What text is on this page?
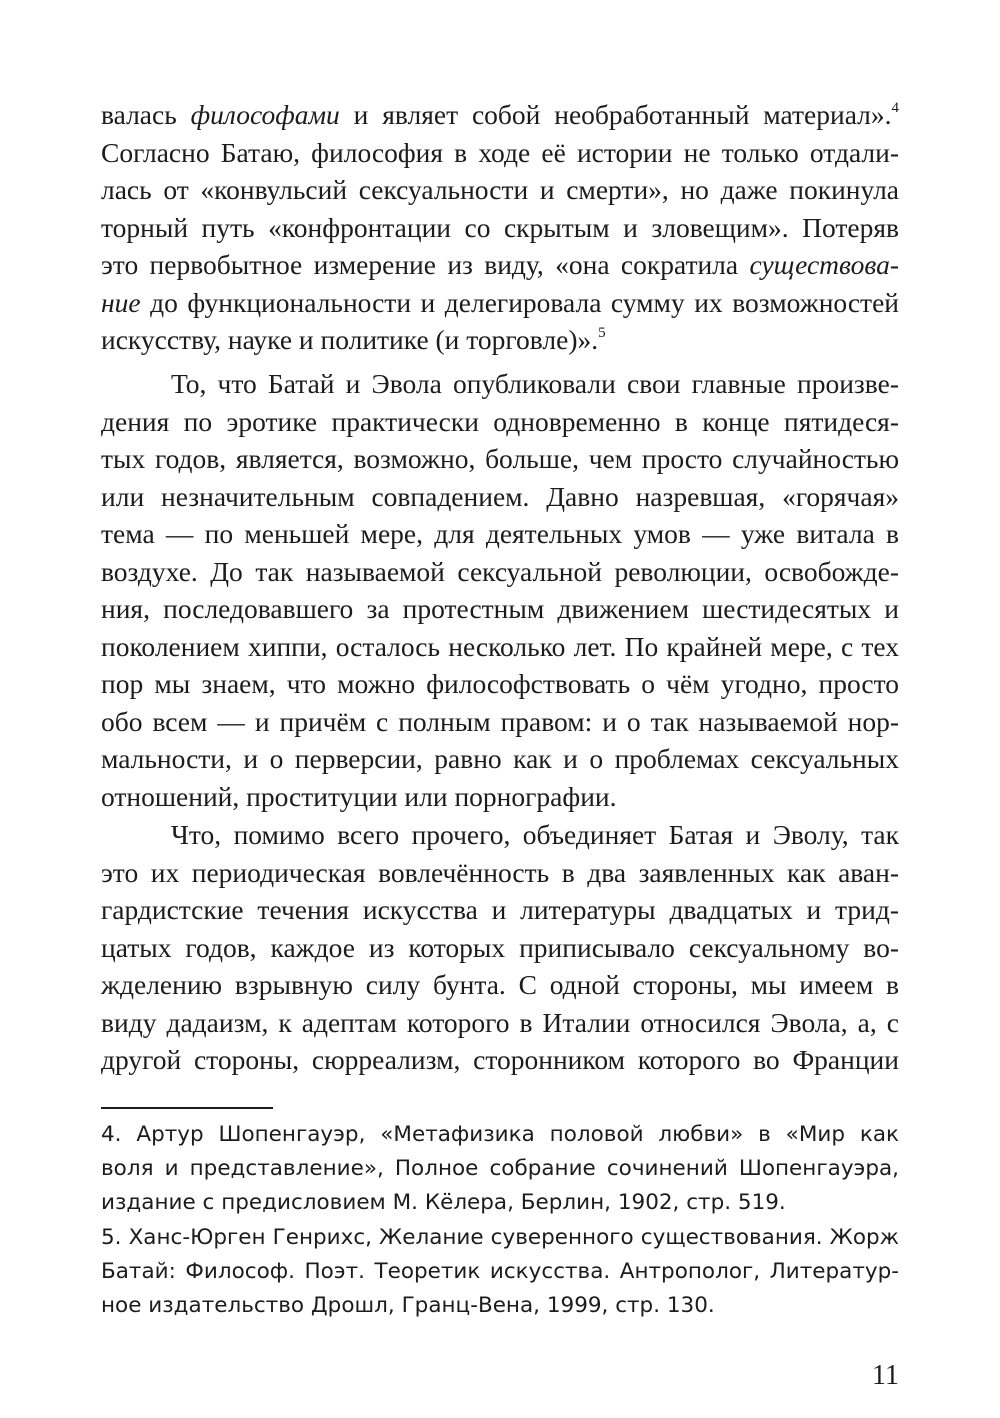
валась философами и являет собой необработанный материал».$^4$
Согласно Батаю, философия в ходе её истории не только отдали-
лась от «конвульсий сексуальности и смерти», но даже покинула
торный путь «конфронтации со скрытым и зловещим». Потеряв
это первобытное измерение из виду, «она сократила существова-
ние до функциональности и делегировала сумму их возможностей
искусству, науке и политике (и торговле)».$^5$
То, что Батай и Эвола опубликовали свои главные произве-
дения по эротике практически одновременно в конце пятидеся-
тых годов, является, возможно, больше, чем просто случайностью
или незначительным совпадением. Давно назревшая, «горячая»
тема — по меньшей мере, для деятельных умов — уже витала в
воздухе. До так называемой сексуальной революции, освобожде-
ния, последовавшего за протестным движением шестидесятых и
поколением хиппи, осталось несколько лет. По крайней мере, с тех
пор мы знаем, что можно философствовать о чём угодно, просто
обо всем — и причём с полным правом: и о так называемой нор-
мальности, и о перверсии, равно как и о проблемах сексуальных
отношений, проституции или порнографии.
Что, помимо всего прочего, объединяет Батая и Эволу, так
это их периодическая вовлечённость в два заявленных как аван-
гардистские течения искусства и литературы двадцатых и трид-
цатых годов, каждое из которых приписывало сексуальному во-
жделению взрывную силу бунта. С одной стороны, мы имеем в
виду дадаизм, к адептам которого в Италии относился Эвола, а, с
другой стороны, сюрреализм, сторонником которого во Франции
4. Артур Шопенгауэр, «Метафизика половой любви» в «Мир как
воля и представление», Полное собрание сочинений Шопенгауэра,
издание с предисловием М. Кёлера, Берлин, 1902, стр. 519.
5. Ханс-Юрген Генрихс, Желание суверенного существования. Жорж
Батай: Философ. Поэт. Теоретик искусства. Антрополог, Литератур-
ное издательство Дрошл, Гранц-Вена, 1999, стр. 130.
11
